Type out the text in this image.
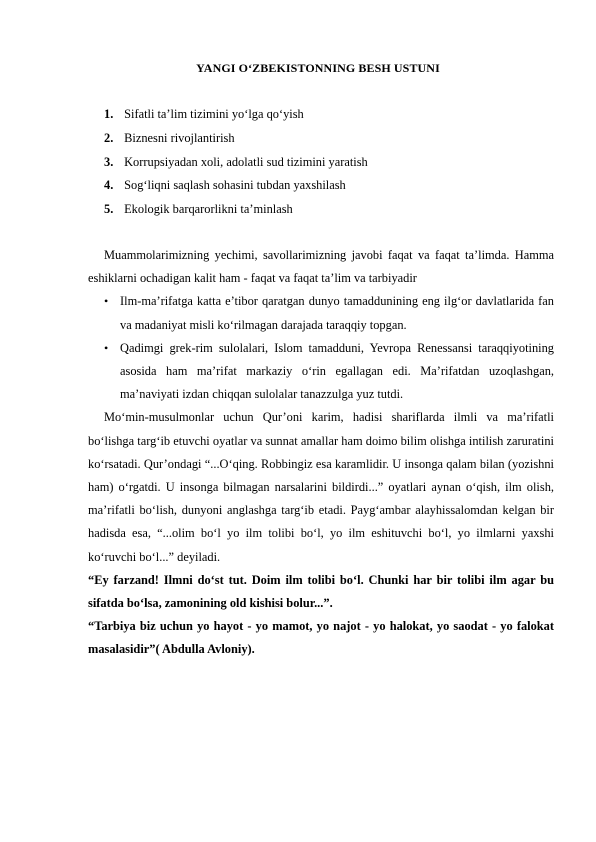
YANGI O‘ZBEKISTONNING BESH USTUNI
1. Sifatli ta’lim tizimini yo‘lga qo‘yish
2. Biznesni rivojlantirish
3. Korrupsiyadan xoli, adolatli sud tizimini yaratish
4. Sog‘liqni saqlash sohasini tubdan yaxshilash
5. Ekologik barqarorlikni ta’minlash

Muammolarimizning yechimi, savollarimizning javobi faqat va faqat ta’limda. Hamma eshiklarni ochadigan kalit ham - faqat va faqat ta’lim va tarbiyadir

• Ilm-ma’rifatga katta e’tibor qaratgan dunyo tamaddunining eng ilg‘or davlatlarida fan va madaniyat misli ko‘rilmagan darajada taraqqiy topgan.
• Qadimgi grek-rim sulolalari, Islom tamadduni, Yevropa Renessansi taraqqiyotining asosida ham ma’rifat markaziy o‘rin egallagan edi. Ma’rifatdan uzoqlashgan, ma’naviyati izdan chiqqan sulolalar tanazzulga yuz tutdi.

Mo‘min-musulmonlar uchun Qur’oni karim, hadisi shariflarda ilmli va ma’rifatli bo‘lishga targ‘ib etuvchi oyatlar va sunnat amallar ham doimo bilim olishga intilish zaruratini ko‘rsatadi. Qur’ondagi “...O‘qing. Robbingiz esa karamlidir. U insonga qalam bilan (yozishni ham) o‘rgatdi. U insonga bilmagan narsalarini bildirdi...” oyatlari aynan o‘qish, ilm olish, ma’rifatli bo‘lish, dunyoni anglashga targ‘ib etadi. Payg‘ambar alayhissalomdan kelgan bir hadisda esa, “...olim bo‘l yo ilm tolibi bo‘l, yo ilm eshituvchi bo‘l, yo ilmlarni yaxshi ko‘ruvchi bo‘l...” deyiladi.

“Ey farzand! Ilmni do‘st tut. Doim ilm tolibi bo‘l. Chunki har bir tolibi ilm agar bu sifatda bo‘lsa, zamonining old kishisi bolur...”.

“Tarbiya biz uchun yo hayot - yo mamot, yo najot - yo halokat, yo saodat - yo falokat masalasidir”( Abdulla Avloniy).
